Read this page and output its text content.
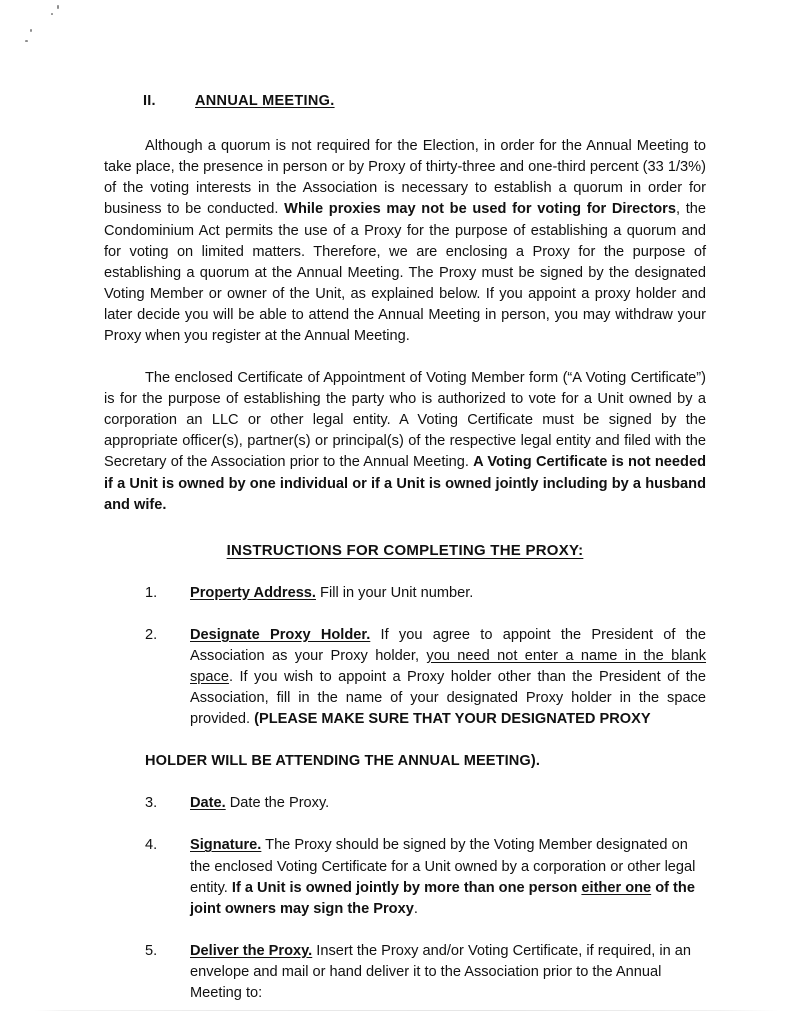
II.	ANNUAL MEETING.

Although a quorum is not required for the Election, in order for the Annual Meeting to take place, the presence in person or by Proxy of thirty-three and one-third percent (33 1/3%) of the voting interests in the Association is necessary to establish a quorum in order for business to be conducted. While proxies may not be used for voting for Directors, the Condominium Act permits the use of a Proxy for the purpose of establishing a quorum and for voting on limited matters. Therefore, we are enclosing a Proxy for the purpose of establishing a quorum at the Annual Meeting. The Proxy must be signed by the designated Voting Member or owner of the Unit, as explained below. If you appoint a proxy holder and later decide you will be able to attend the Annual Meeting in person, you may withdraw your Proxy when you register at the Annual Meeting.

The enclosed Certificate of Appointment of Voting Member form (“A Voting Certificate”) is for the purpose of establishing the party who is authorized to vote for a Unit owned by a corporation an LLC or other legal entity. A Voting Certificate must be signed by the appropriate officer(s), partner(s) or principal(s) of the respective legal entity and filed with the Secretary of the Association prior to the Annual Meeting. A Voting Certificate is not needed if a Unit is owned by one individual or if a Unit is owned jointly including by a husband and wife.

INSTRUCTIONS FOR COMPLETING THE PROXY:
1.	Property Address. Fill in your Unit number.
2.	Designate Proxy Holder. If you agree to appoint the President of the Association as your Proxy holder, you need not enter a name in the blank space. If you wish to appoint a Proxy holder other than the President of the Association, fill in the name of your designated Proxy holder in the space provided. (PLEASE MAKE SURE THAT YOUR DESIGNATED PROXY
HOLDER WILL BE ATTENDING THE ANNUAL MEETING).
3.	Date. Date the Proxy.
4.	Signature. The Proxy should be signed by the Voting Member designated on the enclosed Voting Certificate for a Unit owned by a corporation or other legal entity. If a Unit is owned jointly by more than one person either one of the joint owners may sign the Proxy.
5.	Deliver the Proxy. Insert the Proxy and/or Voting Certificate, if required, in an envelope and mail or hand deliver it to the Association prior to the Annual Meeting to:
